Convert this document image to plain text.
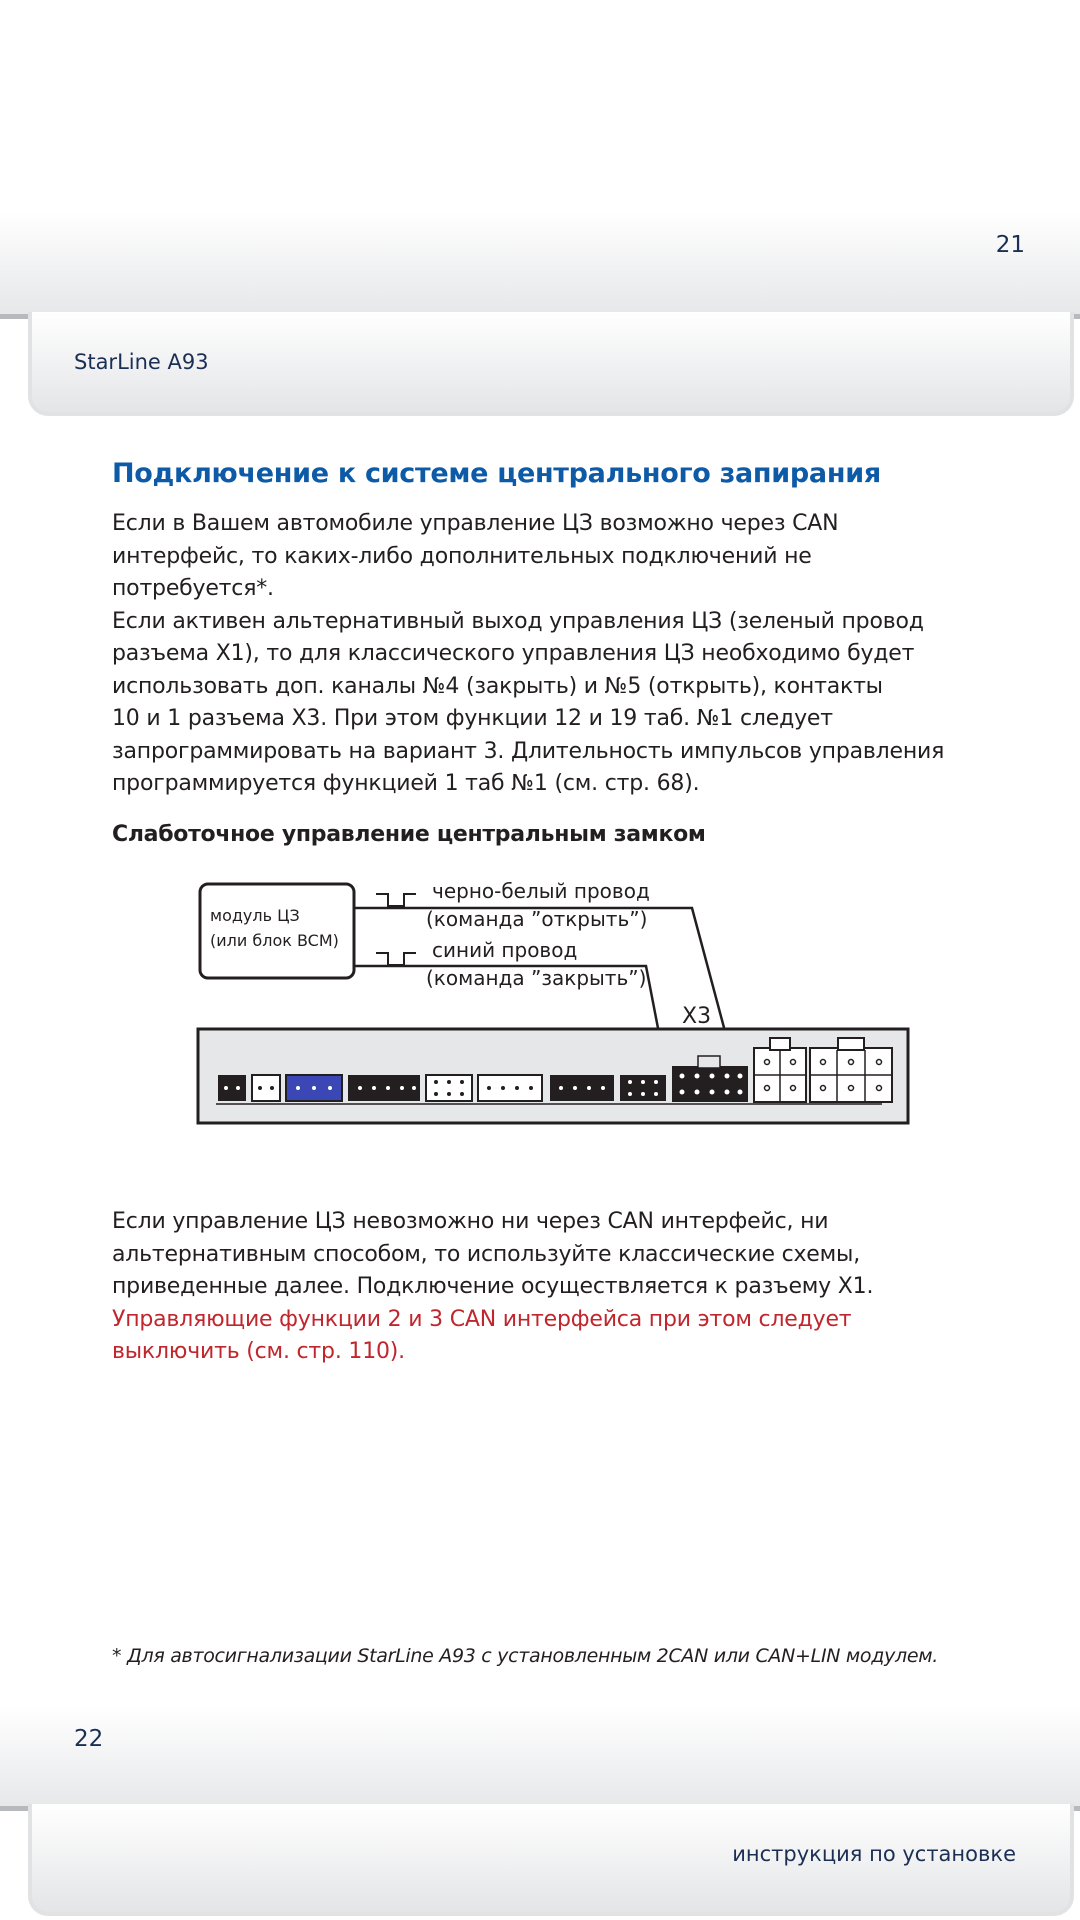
21
StarLine A93
Подключение к системе центрального запирания
Если в Вашем автомобиле управление ЦЗ возможно через CAN
интерфейс, то каких-либо дополнительных подключений не
потребуется*.
Если активен альтернативный выход управления ЦЗ (зеленый провод
разъема X1), то для классического управления ЦЗ необходимо будет
использовать доп. каналы №4 (закрыть) и №5 (открыть), контакты
10 и 1 разъема X3. При этом функции 12 и 19 таб. №1 следует
запрограммировать на вариант 3. Длительность импульсов управления
программируется функцией 1 таб №1 (см. стр. 68).
Слаботочное управление центральным замком
модуль ЦЗ
(или блок BCM)
черно-белый провод
(команда ”открыть”)
синий провод
(команда ”закрыть”)
X3
Если управление ЦЗ невозможно ни через CAN интерфейс, ни
альтернативным способом, то используйте классические схемы,
приведенные далее. Подключение осуществляется к разъему X1.
Управляющие функции 2 и 3 CAN интерфейса при этом следует
выключить (см. стр. 110).

* Для автосигнализации StarLine A93 с установленным 2CAN или CAN+LIN модулем.

22
инструкция по установке
